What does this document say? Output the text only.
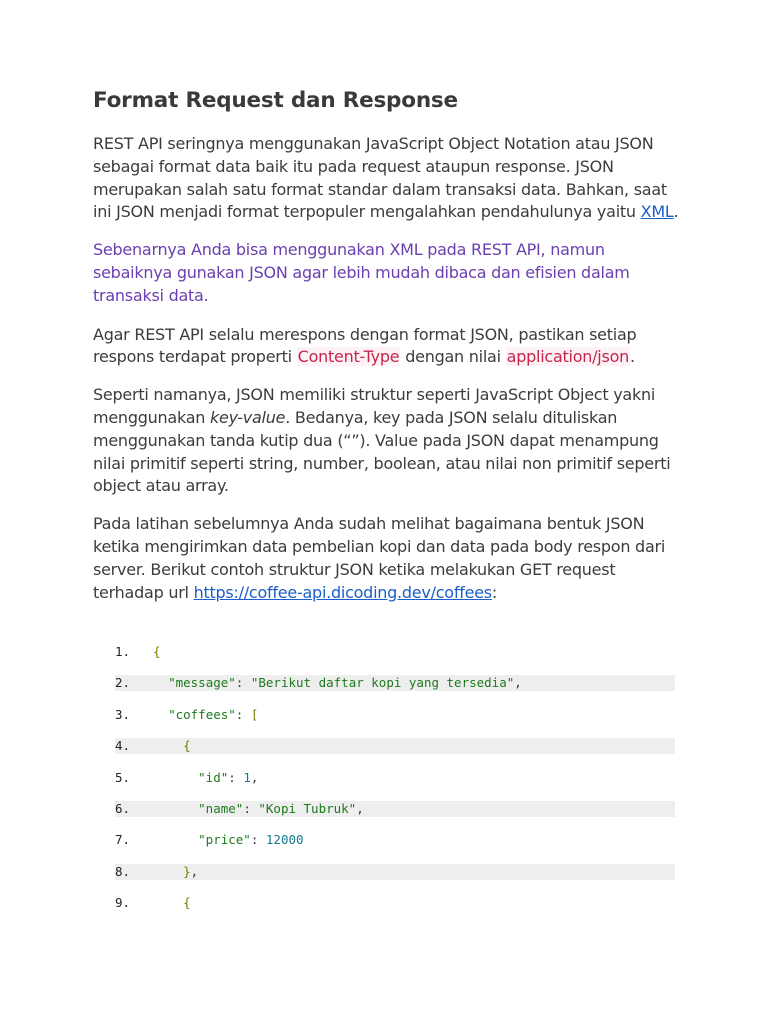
Format Request dan Response

REST API seringnya menggunakan JavaScript Object Notation atau JSON sebagai format data baik itu pada request ataupun response. JSON merupakan salah satu format standar dalam transaksi data. Bahkan, saat ini JSON menjadi format terpopuler mengalahkan pendahulunya yaitu XML.

Sebenarnya Anda bisa menggunakan XML pada REST API, namun sebaiknya gunakan JSON agar lebih mudah dibaca dan efisien dalam transaksi data.

Agar REST API selalu merespons dengan format JSON, pastikan setiap respons terdapat properti Content-Type dengan nilai application/json.

Seperti namanya, JSON memiliki struktur seperti JavaScript Object yakni menggunakan key-value. Bedanya, key pada JSON selalu dituliskan menggunakan tanda kutip dua (“”). Value pada JSON dapat menampung nilai primitif seperti string, number, boolean, atau nilai non primitif seperti object atau array.

Pada latihan sebelumnya Anda sudah melihat bagaimana bentuk JSON ketika mengirimkan data pembelian kopi dan data pada body respon dari server. Berikut contoh struktur JSON ketika melakukan GET request terhadap url https://coffee-api.dicoding.dev/coffees:

1.	{
2.	"message": "Berikut daftar kopi yang tersedia",
3.	"coffees": [
4.	{
5.	"id": 1,
6.	"name": "Kopi Tubruk",
7.	"price": 12000
8.	},
9.	{
